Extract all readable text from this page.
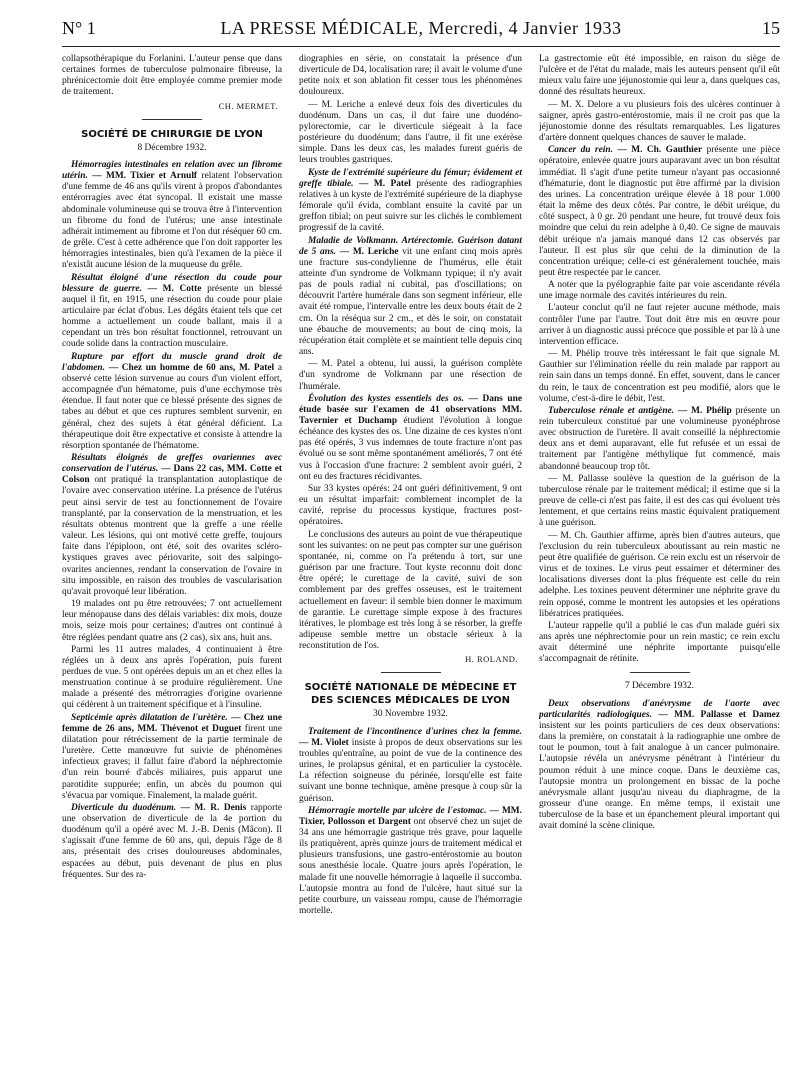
N° 1	LA PRESSE MÉDICALE, Mercredi, 4 Janvier 1933	15

collapsothérapique du Forlanini. L'auteur pense que dans certaines formes de tuberculose pulmonaire fibreuse, la phrénicectomie doit être employée comme premier mode de traitement.

CH. MERMET.
SOCIÉTÉ DE CHIRURGIE DE LYON
8 Décembre 1932.

Hémorragies intestinales en relation avec un fibrome utérin. — MM. Tixier et Arnulf relatent l'observation d'une femme de 46 ans qu'ils virent à propos d'abondantes entérorragies avec état syncopal. Il existait une masse abdominale volumineuse qui se trouva être à l'intervention un fibrome du fond de l'utérus; une anse intestinale adhérait intimement au fibrome et l'on dut réséquer 60 cm. de grêle. C'est à cette adhérence que l'on doit rapporter les hémorragies intestinales, bien qu'à l'examen de la pièce il n'existât aucune lésion de la muqueuse du grêle.

Résultat éloigné d'une résection du coude pour blessure de guerre. — M. Cotte présente un blessé auquel il fit, en 1915, une résection du coude pour plaie articulaire par éclat d'obus. Les dégâts étaient tels que cet homme a actuellement un coude ballant, mais il a cependant un très bon résultat fonctionnel, retrouvant un coude solide dans la contraction musculaire.

Rupture par effort du muscle grand droit de l'abdomen. — Chez un homme de 60 ans, M. Patel a observé cette lésion survenue au cours d'un violent effort, accompagnée d'un hématome, puis d'une ecchymose très étendue. Il faut noter que ce blessé présente des signes de tabes au début et que ces ruptures semblent survenir, en général, chez des sujets à état général déficient. La thérapeutique doit être expectative et consiste à attendre la résorption spontanée de l'hématome.

Résultats éloignés de greffes ovariennes avec conservation de l'utérus. — Dans 22 cas, MM. Cotte et Colson ont pratiqué la transplantation autoplastique de l'ovaire avec conservation utérine. La présence de l'utérus peut ainsi servir de test au fonctionnement de l'ovaire transplanté, par la conservation de la menstruation, et les résultats obtenus montrent que la greffe a une réelle valeur. Les lésions, qui ont motivé cette greffe, toujours faite dans l'épiploon, ont été, soit des ovarites scléro-kystiques graves avec périovarite, soit des salpingo-ovarites anciennes, rendant la conservation de l'ovaire in situ impossible, en raison des troubles de vascularisation qu'avait provoqué leur libération.

19 malades ont pu être retrouvées; 7 ont actuellement leur ménopause dans des délais variables: dix mois, douze mois, seize mois pour certaines; d'autres ont continué à être réglées pendant quatre ans (2 cas), six ans, huit ans.

Parmi les 11 autres malades, 4 continuaient à être réglées un à deux ans après l'opération, puis furent perdues de vue. 5 ont opérées depuis un an et chez elles la menstruation continue à se produire régulièrement. Une malade a présenté des métrorragies d'origine ovarienne qui cédèrent à un traitement spécifique et à l'insuline.

Septicémie après dilatation de l'urètère. — Chez une femme de 26 ans, MM. Thévenot et Duguet firent une dilatation pour rétrécissement de la partie terminale de l'uretère. Cette manœuvre fut suivie de phénomènes infectieux graves; il fallut faire d'abord la néphrectomie d'un rein bourré d'abcès miliaires, puis apparut une parotidite suppurée; enfin, un abcès du poumon qui s'évacua par vomique. Finalement, la malade guérit.

Diverticule du duodénum. — M. R. Denis rapporte une observation de diverticule de la 4e portion du duodénum qu'il a opéré avec M. J.-B. Denis (Mâcon). Il s'agissait d'une femme de 60 ans, qui, depuis l'âge de 8 ans, présentait des crises douloureuses abdominales, espacées au début, puis devenant de plus en plus fréquentes. Sur des ra-

diographies en série, on constatait la présence d'un diverticule de D4, localisation rare; il avait le volume d'une petite noix et son ablation fit cesser tous les phénomènes douloureux.

— M. Leriche a enlevé deux fois des diverticules du duodénum. Dans un cas, il dut faire une duodéno-pylorectomie, car le diverticule siégeait à la face postérieure du duodénum; dans l'autre, il fit une exérèse simple. Dans les deux cas, les malades furent guéris de leurs troubles gastriques.

Kyste de l'extrémité supérieure du fémur; évidement et greffe tibiale. — M. Patel présente des radiographies relatives à un kyste de l'extrémité supérieure de la diaphyse fémorale qu'il évida, comblant ensuite la cavité par un greffon tibial; on peut suivre sur les clichés le comblement progressif de la cavité.

Maladie de Volkmann. Artérectomie. Guérison datant de 5 ans. — M. Leriche vit une enfant cinq mois après une fracture sus-condylienne de l'humérus, elle était atteinte d'un syndrome de Volkmann typique; il n'y avait pas de pouls radial ni cubital, pas d'oscillations; on découvrit l'artère humérale dans son segment inférieur, elle avait été rompue, l'intervalle entre les deux bouts était de 2 cm. On la réséqua sur 2 cm., et dès le soir, on constatait une ébauche de mouvements; au bout de cinq mois, la récupération était complète et se maintient telle depuis cinq ans.

— M. Patel a obtenu, lui aussi, la guérison complète d'un syndrome de Volkmann par une résection de l'humérale.

Évolution des kystes essentiels des os. — Dans une étude basée sur l'examen de 41 observations MM. Tavernier et Duchamp étudient l'évolution à longue échéance des kystes des os. Une dizaine de ces kystes n'ont pas été opérés, 3 vus indemnes de toute fracture n'ont pas évolué ou se sont même spontanément améliorés, 7 ont été vus à l'occasion d'une fracture: 2 semblent avoir guéri, 2 ont eu des fractures récidivantes.

Sur 33 kystes opérés: 24 ont guéri définitivement, 9 ont eu un résultat imparfait: comblement incomplet de la cavité, reprise du processus kystique, fractures post-opératoires.

Le conclusions des auteurs au point de vue thérapeutique sont les suivantes: on ne peut pas compter sur une guérison spontanée, ni, comme on l'a prétendu à tort, sur une guérison par une fracture. Tout kyste reconnu doit donc être opéré; le curettage de la cavité, suivi de son comblement par des greffes osseuses, est le traitement actuellement en faveur: il semble bien donner le maximum de garantie. Le curettage simple expose à des fractures itératives, le plombage est très long à se résorber, la greffe adipeuse semble mettre un obstacle sérieux à la reconstitution de l'os.

H. ROLAND.
SOCIÉTÉ NATIONALE DE MÉDECINE ET DES SCIENCES MÉDICALES DE LYON
30 Novembre 1932.

Traitement de l'incontinence d'urines chez la femme. — M. Violet insiste à propos de deux observations sur les troubles qu'entraîne, au point de vue de la continence des urines, le prolapsus génital, et en particulier la cystocèle. La réfection soigneuse du périnée, lorsqu'elle est faite suivant une bonne technique, amène presque à coup sûr la guérison.

Hémorragie mortelle par ulcère de l'estomac. — MM. Tixier, Pollosson et Dargent ont observé chez un sujet de 34 ans une hémorragie gastrique très grave, pour laquelle ils pratiquèrent, après quinze jours de traitement médical et plusieurs transfusions, une gastro-entérostomie au bouton sous anesthésie locale. Quatre jours après l'opération, le malade fit une nouvelle hémorragie à laquelle il succomba. L'autopsie montra au fond de l'ulcère, haut situé sur la petite courbure, un vaisseau rompu, cause de l'hémorragie mortelle.

La gastrectomie eût été impossible, en raison du siège de l'ulcère et de l'état du malade, mais les auteurs pensent qu'il eût mieux valu faire une jéjunostomie qui leur a, dans quelques cas, donné des résultats heureux.

— M. X. Delore a vu plusieurs fois des ulcères continuer à saigner, après gastro-entérostomie, mais il ne croit pas que la jéjunostomie donne des résultats remarquables. Les ligatures d'artère donnent quelques chances de sauver le malade.

Cancer du rein. — M. Ch. Gauthier présente une pièce opératoire, enlevée quatre jours auparavant avec un bon résultat immédiat. Il s'agit d'une petite tumeur n'ayant pas occasionné d'hématurie, dont le diagnostic put être affirmé par la division des urines. La concentration uréique élevée à 18 pour 1.000 était la même des deux côtés. Par contre, le débit uréique, du côté suspect, à 0 gr. 20 pendant une heure, fut trouvé deux fois moindre que celui du rein adelphe à 0,40. Ce signe de mauvais débit uréique n'a jamais manqué dans 12 cas observés par l'auteur. Il est plus sûr que celui de la diminution de la concentration uréique; celle-ci est généralement touchée, mais peut être respectée par le cancer.

A noter que la pyélographie faite par voie ascendante révéla une image normale des cavités intérieures du rein.

L'auteur conclut qu'il ne faut rejeter aucune méthode, mais contrôler l'une par l'autre. Tout doit être mis en œuvre pour arriver à un diagnostic aussi précoce que possible et par là à une intervention efficace.

— M. Phélip trouve très intéressant le fait que signale M. Gauthier sur l'élimination réelle du rein malade par rapport au rein sain dans un temps donné. En effet, souvent, dans le cancer du rein, le taux de concentration est peu modifié, alors que le volume, c'est-à-dire le débit, l'est.

Tuberculose rénale et antigène. — M. Phélip présente un rein tuberculeux constitué par une volumineuse pyonéphrose avec obstruction de l'uretère. Il avait conseillé la néphrectomie deux ans et demi auparavant, elle fut refusée et un essai de traitement par l'antigène méthylique fut commencé, mais abandonné beaucoup trop tôt.

— M. Pallasse soulève la question de la guérison de la tuberculose rénale par le traitement médical; il estime que si la preuve de celle-ci n'est pas faite, il est des cas qui évoluent très lentement, et que certains reins mastic équivalent pratiquement à une guérison.

— M. Ch. Gauthier affirme, après bien d'autres auteurs, que l'exclusion du rein tuberculeux aboutissant au rein mastic ne peut être qualifiée de guérison. Ce rein exclu est un réservoir de virus et de toxines. Le virus peut essaimer et déterminer des localisations diverses dont la plus fréquente est celle du rein adelphe. Les toxines peuvent déterminer une néphrite grave du rein opposé, comme le montrent les autopsies et les opérations libératrices pratiquées.

L'auteur rappelle qu'il a publié le cas d'un malade guéri six ans après une néphrectomie pour un rein mastic; ce rein exclu avait déterminé une néphrite importante puisqu'elle s'accompagnait de rétinite.

7 Décembre 1932.

Deux observations d'anévrysme de l'aorte avec particularités radiologiques. — MM. Pallasse et Damez insistent sur les points particuliers de ces deux observations: dans la première, on constatait à la radiographie une ombre de tout le poumon, tout à fait analogue à un cancer pulmonaire. L'autopsie révéla un anévrysme pénétrant à l'intérieur du poumon réduit à une mince coque. Dans le deuxième cas, l'autopsie montra un prolongement en bissac de la poche anévrysmale allant jusqu'au niveau du diaphragme, de la grosseur d'une orange. En même temps, il existait une tuberculose de la base et un épanchement pleural important qui avait dominé la scène clinique.
